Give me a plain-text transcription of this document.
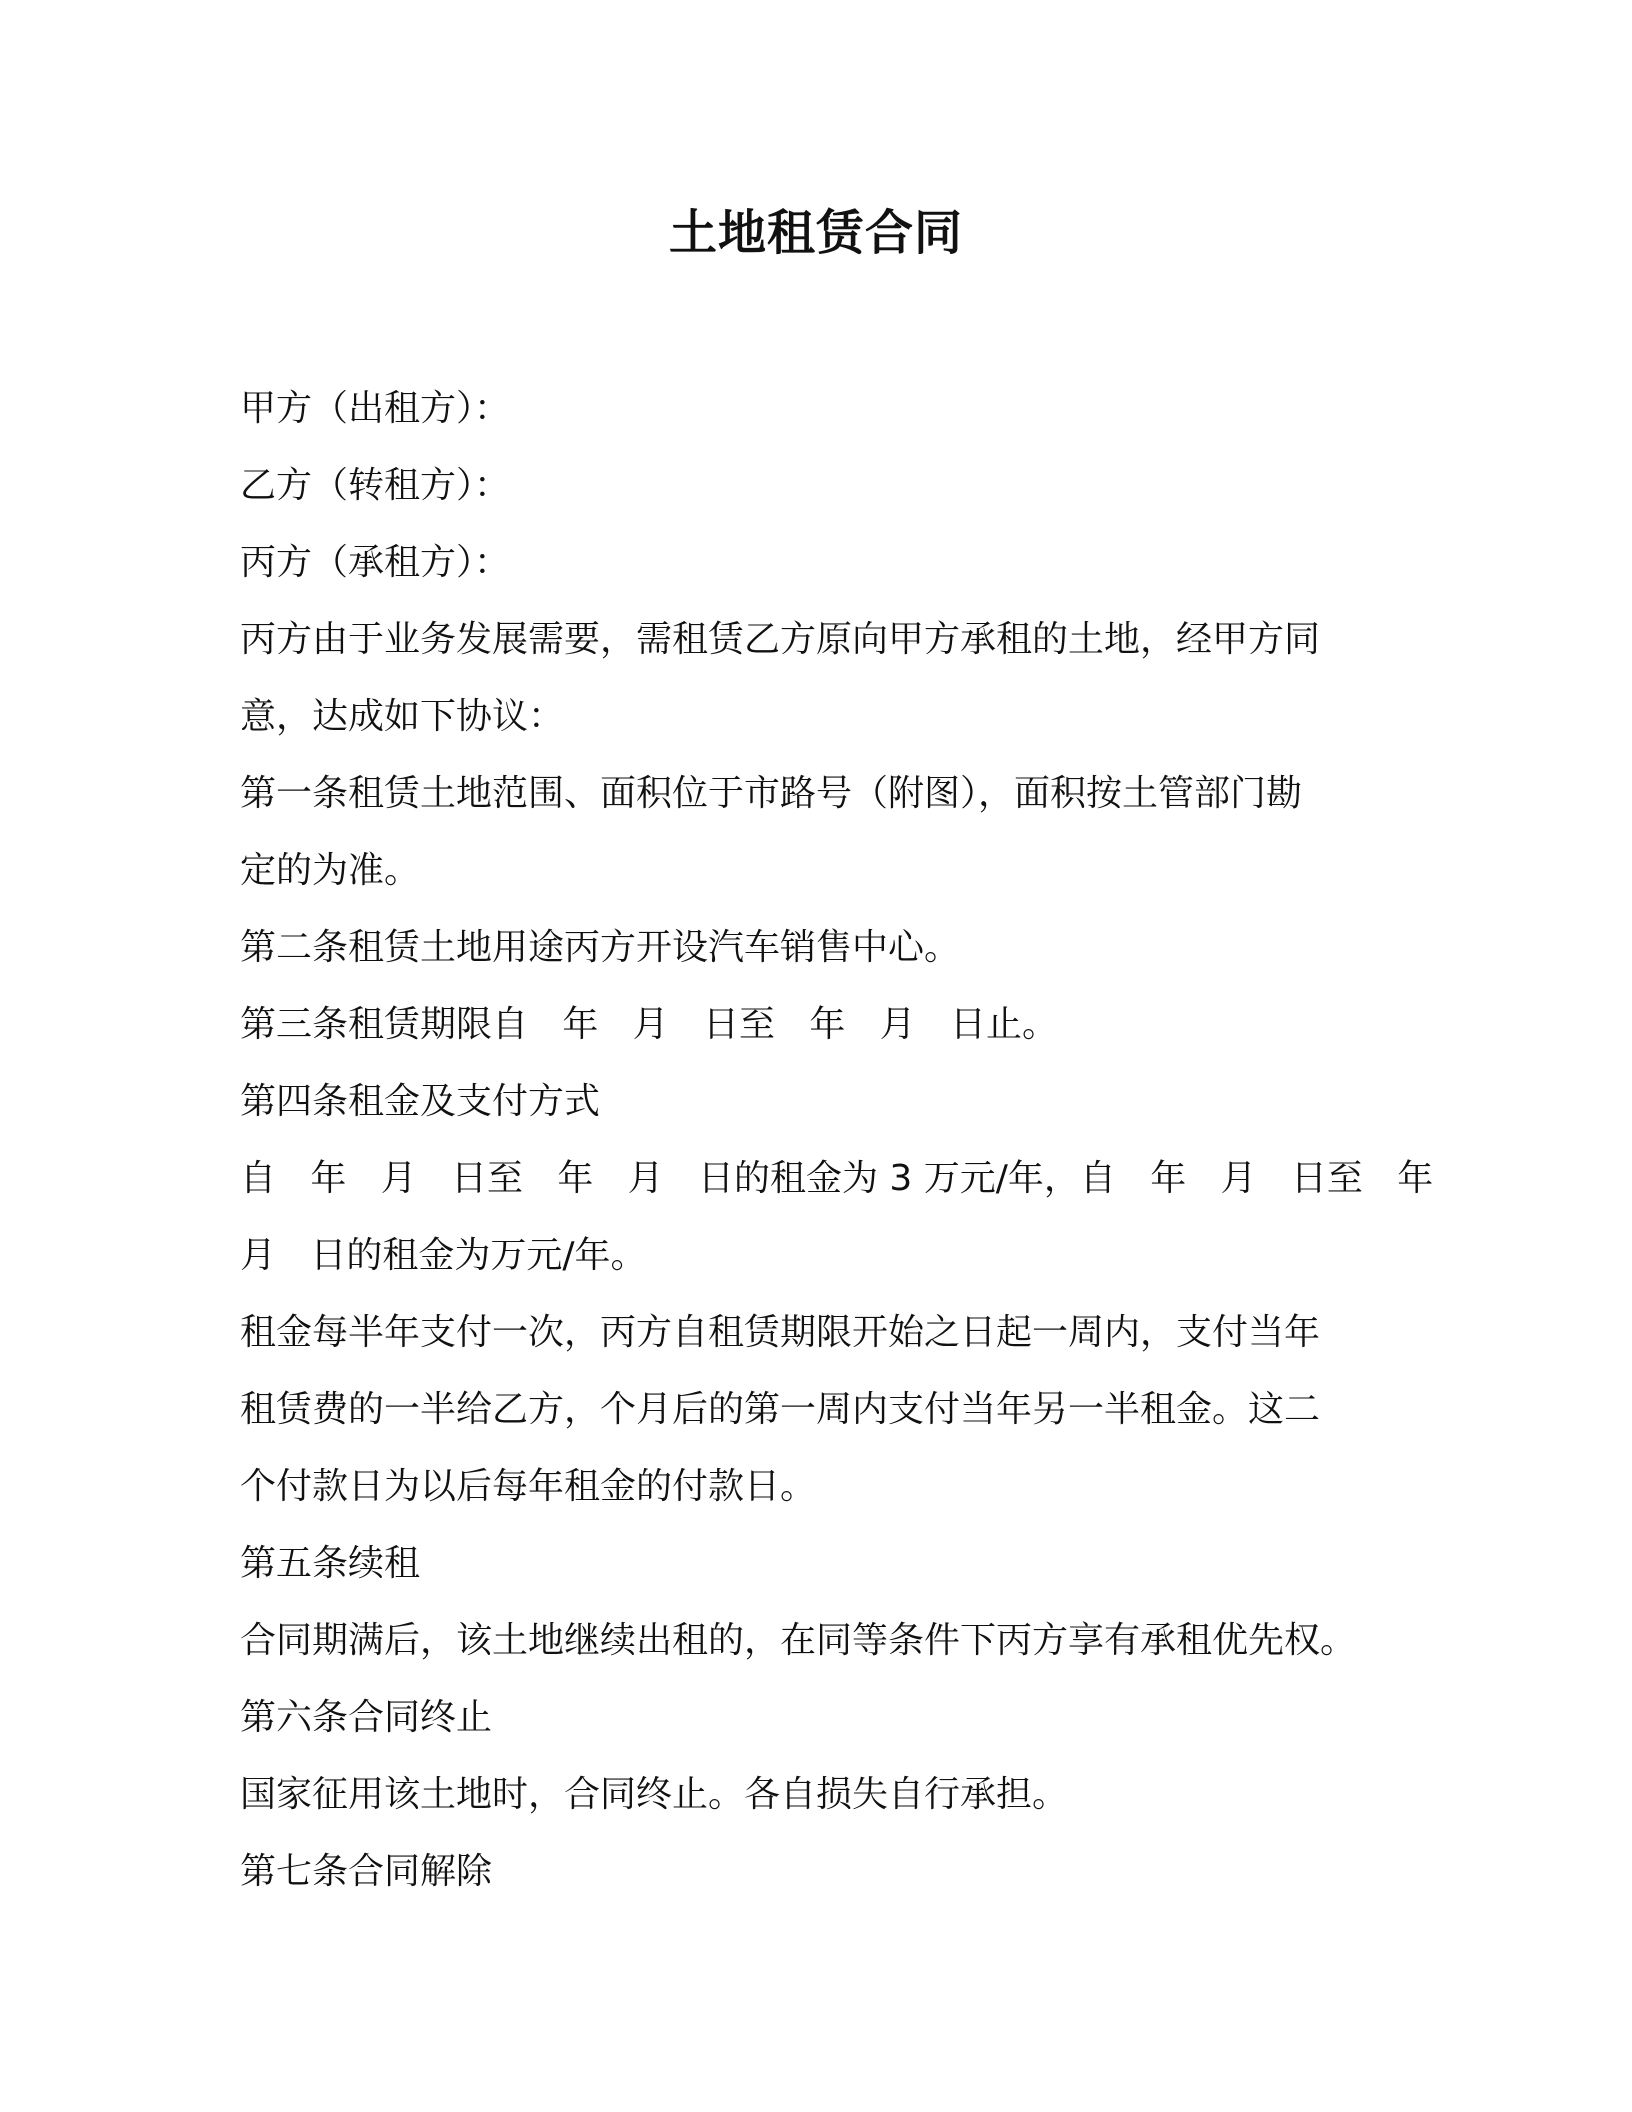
土地租赁合同

甲方（出租方）：

乙方（转租方）：

丙方（承租方）：

丙方由于业务发展需要，需租赁乙方原向甲方承租的土地，经甲方同

意，达成如下协议：

第一条租赁土地范围、面积位于市路号（附图），面积按土管部门勘

定的为准。

第二条租赁土地用途丙方开设汽车销售中心。

第三条租赁期限自   年   月   日至   年   月   日止。

第四条租金及支付方式

自   年   月   日至   年   月   日的租金为 3 万元/年，自   年   月   日至   年

月   日的租金为万元/年。

租金每半年支付一次，丙方自租赁期限开始之日起一周内，支付当年

租赁费的一半给乙方，个月后的第一周内支付当年另一半租金。这二

个付款日为以后每年租金的付款日。

第五条续租

合同期满后，该土地继续出租的，在同等条件下丙方享有承租优先权。

第六条合同终止

国家征用该土地时，合同终止。各自损失自行承担。

第七条合同解除
